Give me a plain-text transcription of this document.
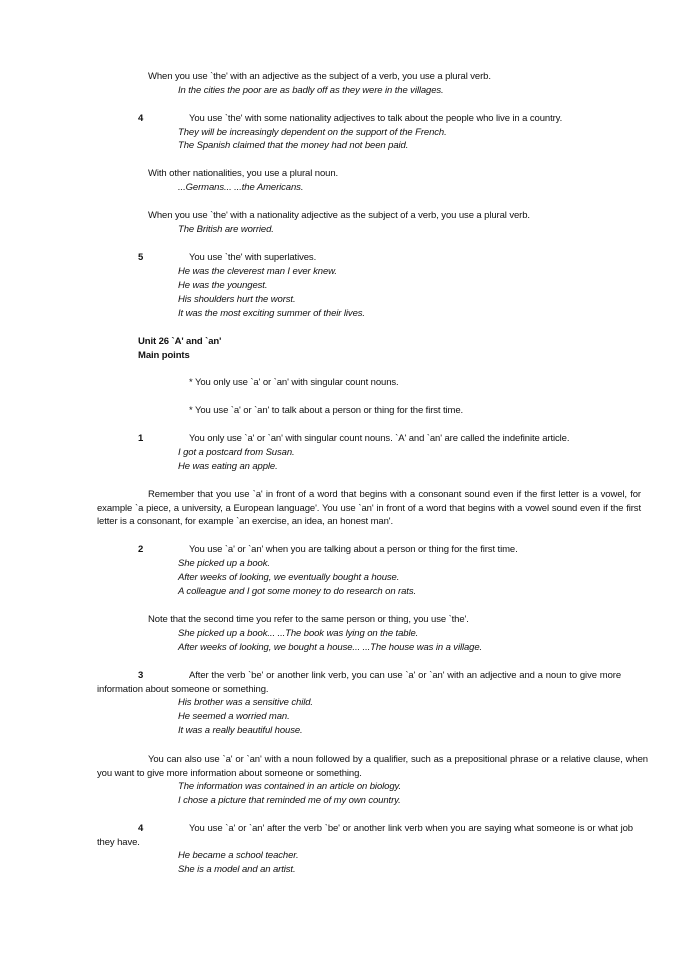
When you use `the' with an adjective as the subject of a verb, you use a plural verb.
In the cities the poor are as badly off as they were in the villages.
4	You use `the' with some nationality adjectives to talk about the people who live in a country.
They will be increasingly dependent on the support of the French.
The Spanish claimed that the money had not been paid.
With other nationalities, you use a plural noun.
...Germans... ...the Americans.
When you use `the' with a nationality adjective as the subject of a verb, you use a plural verb.
The British are worried.
5	You use `the' with superlatives.
He was the cleverest man I ever knew.
He was the youngest.
His shoulders hurt the worst.
It was the most exciting summer of their lives.
Unit 26 `A' and `an'
Main points
* You only use `a' or `an' with singular count nouns.
* You use `a' or `an' to talk about a person or thing for the first time.
1	You only use `a' or `an' with singular count nouns. `A' and `an' are called the indefinite article.
I got a postcard from Susan.
He was eating an apple.
Remember that you use `a' in front of a word that begins with a consonant sound even if the first letter is a vowel, for example `a piece, a university, a European language'. You use `an' in front of a word that begins with a vowel sound even if the first letter is a consonant, for example `an exercise, an idea, an honest man'.
2	You use `a' or `an' when you are talking about a person or thing for the first time.
She picked up a book.
After weeks of looking, we eventually bought a house.
A colleague and I got some money to do research on rats.
Note that the second time you refer to the same person or thing, you use `the'.
She picked up a book... ...The book was lying on the table.
After weeks of looking, we bought a house... ...The house was in a village.
3	After the verb `be' or another link verb, you can use `a' or `an' with an adjective and a noun to give more information about someone or something.
His brother was a sensitive child.
He seemed a worried man.
It was a really beautiful house.
You can also use `a' or `an' with a noun followed by a qualifier, such as a prepositional phrase or a relative clause, when you want to give more information about someone or something.
The information was contained in an article on biology.
I chose a picture that reminded me of my own country.
4	You use `a' or `an' after the verb `be' or another link verb when you are saying what someone is or what job they have.
He became a school teacher.
She is a model and an artist.
